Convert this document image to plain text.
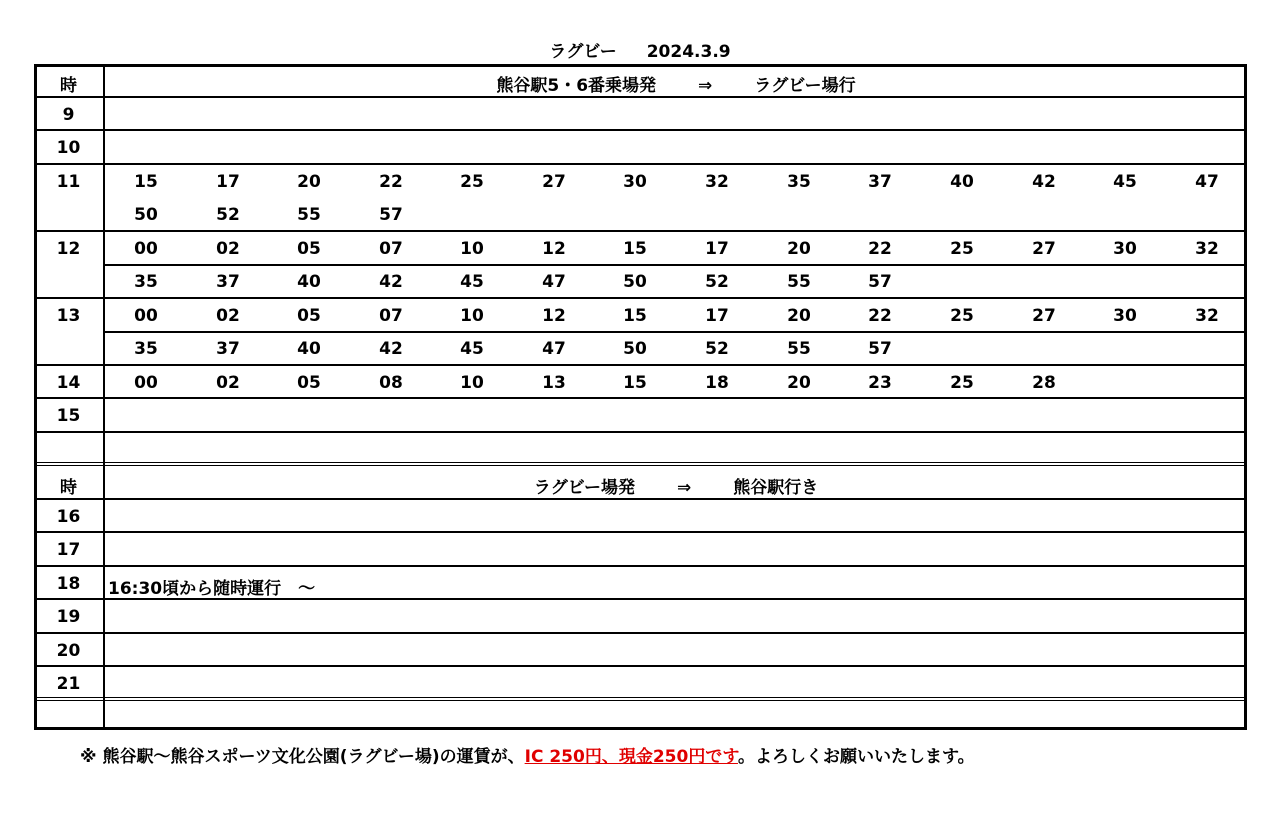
ラグビー 2024.3.9
時	熊谷駅5・6番乗場発 ⇒ ラグビー場行
9
10
11	15	17	20	22	25	27	30	32	35	37	40	42	45	47
50	52	55	57
12	00	02	05	07	10	12	15	17	20	22	25	27	30	32
35	37	40	42	45	47	50	52	55	57
13	00	02	05	07	10	12	15	17	20	22	25	27	30	32
35	37	40	42	45	47	50	52	55	57
14	00	02	05	08	10	13	15	18	20	23	25	28
15
時	ラグビー場発 ⇒ 熊谷駅行き
16
17
18	16:30頃から随時運行　～
19
20
21
※ 熊谷駅～熊谷スポーツ文化公園(ラグビー場)の運賃が、IC 250円、現金250円です。よろしくお願いいたします。
